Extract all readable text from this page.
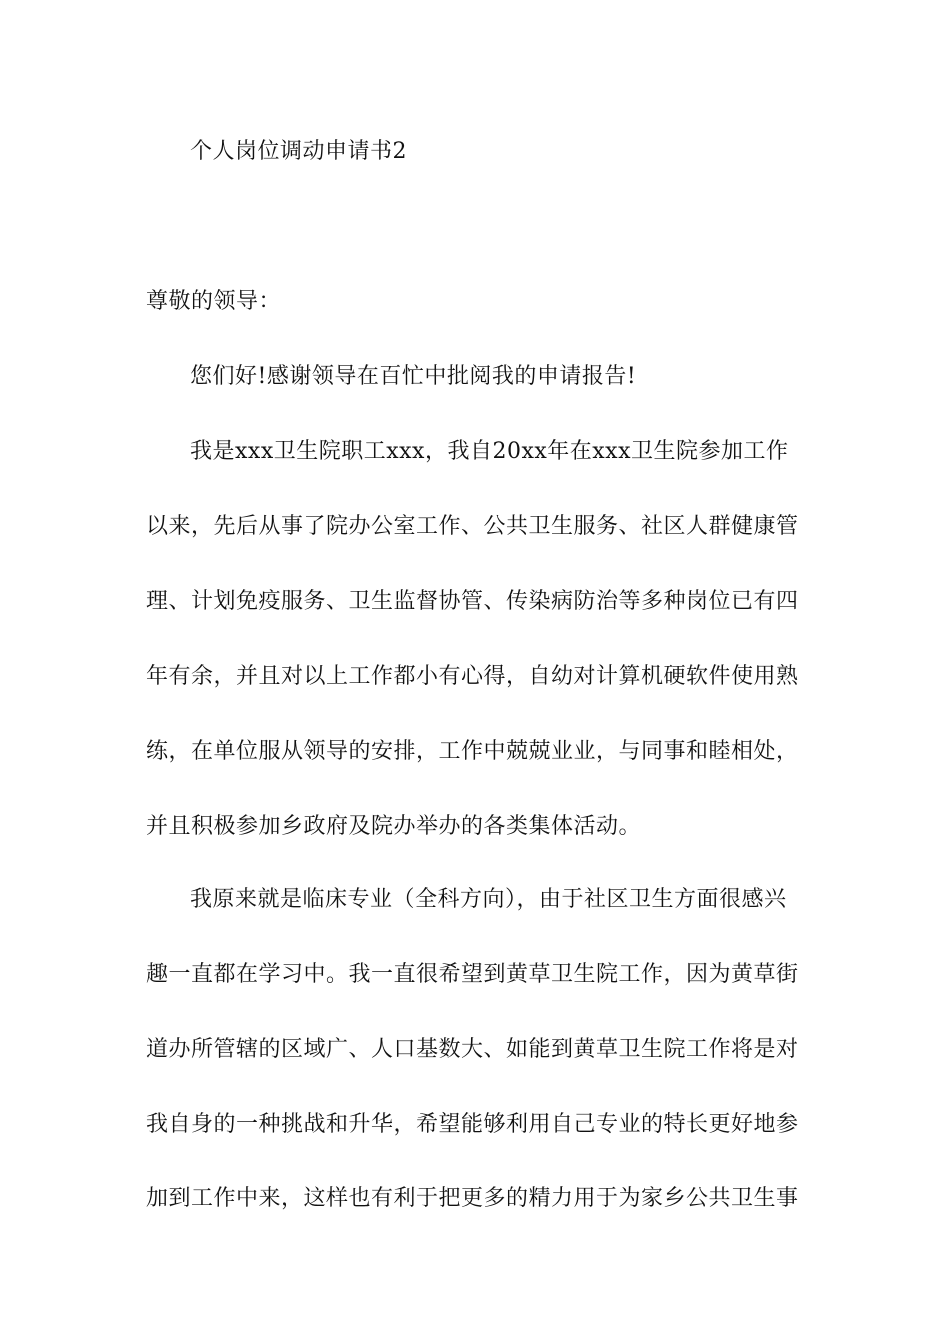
个人岗位调动申请书2
尊敬的领导：
您们好!感谢领导在百忙中批阅我的申请报告!
我是xxx卫生院职工xxx，我自20xx年在xxx卫生院参加工作
以来，先后从事了院办公室工作、公共卫生服务、社区人群健康管
理、计划免疫服务、卫生监督协管、传染病防治等多种岗位已有四
年有余，并且对以上工作都小有心得，自幼对计算机硬软件使用熟
练，在单位服从领导的安排，工作中兢兢业业，与同事和睦相处，
并且积极参加乡政府及院办举办的各类集体活动。
我原来就是临床专业（全科方向），由于社区卫生方面很感兴
趣一直都在学习中。我一直很希望到黄草卫生院工作，因为黄草街
道办所管辖的区域广、人口基数大、如能到黄草卫生院工作将是对
我自身的一种挑战和升华，希望能够利用自己专业的特长更好地参
加到工作中来，这样也有利于把更多的精力用于为家乡公共卫生事
